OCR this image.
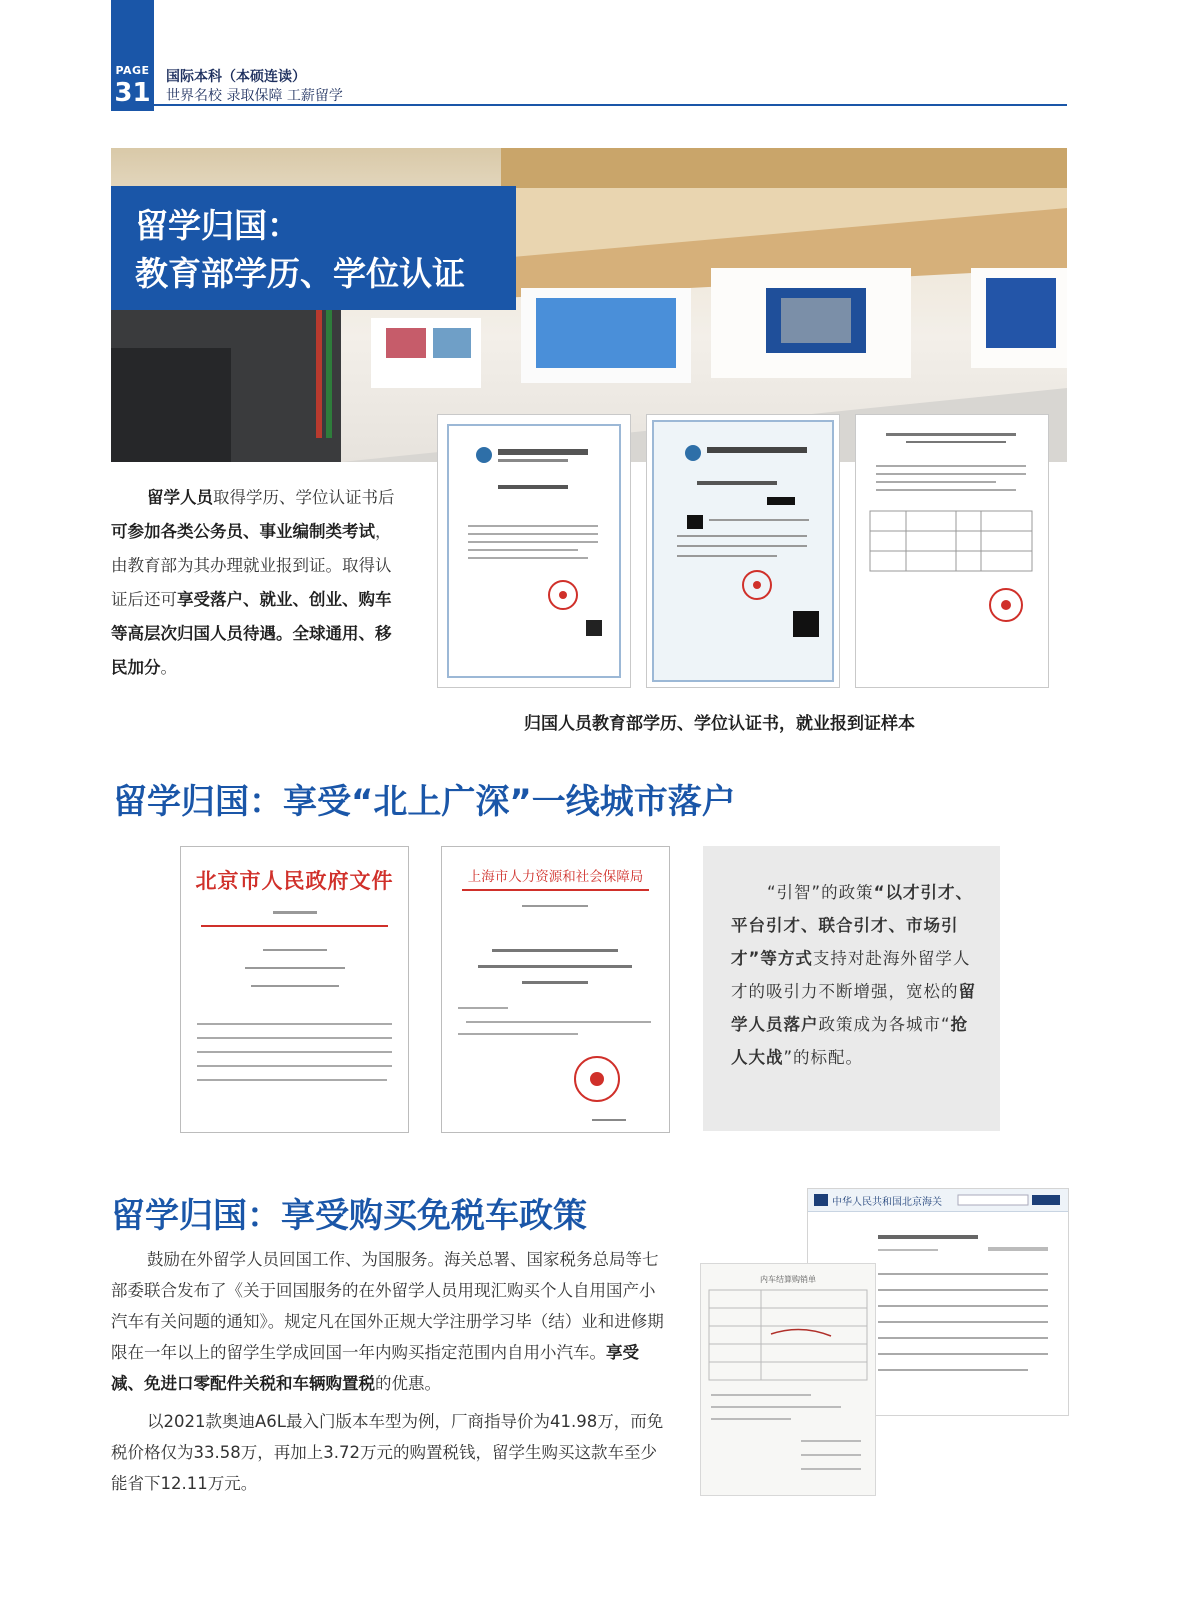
PAGE
31
国际本科（本硕连读）
世界名校 录取保障 工薪留学
留学归国：
教育部学历、学位认证
留学人员取得学历、学位认证书后可参加各类公务员、事业编制类考试，由教育部为其办理就业报到证。取得认证后还可享受落户、就业、创业、购车等高层次归国人员待遇。全球通用、移民加分。
归国人员教育部学历、学位认证书，就业报到证样本
留学归国：享受“北上广深”一线城市落户
北京市人民政府文件	上海市人力资源和社会保障局

“引智”的政策“以才引才、平台引才、联合引才、市场引才”等方式支持对赴海外留学人才的吸引力不断增强，宽松的留学人员落户政策成为各城市“抢人大战”的标配。

留学归国：享受购买免税车政策
鼓励在外留学人员回国工作、为国服务。海关总署、国家税务总局等七部委联合发布了《关于回国服务的在外留学人员用现汇购买个人自用国产小汽车有关问题的通知》。规定凡在国外正规大学注册学习毕（结）业和进修期限在一年以上的留学生学成回国一年内购买指定范围内自用小汽车。享受减、免进口零配件关税和车辆购置税的优惠。
以2021款奥迪A6L最入门版本车型为例，厂商指导价为41.98万，而免税价格仅为33.58万，再加上3.72万元的购置税钱，留学生购买这款车至少能省下12.11万元。
中华人民共和国北京海关
内车结算购销单
